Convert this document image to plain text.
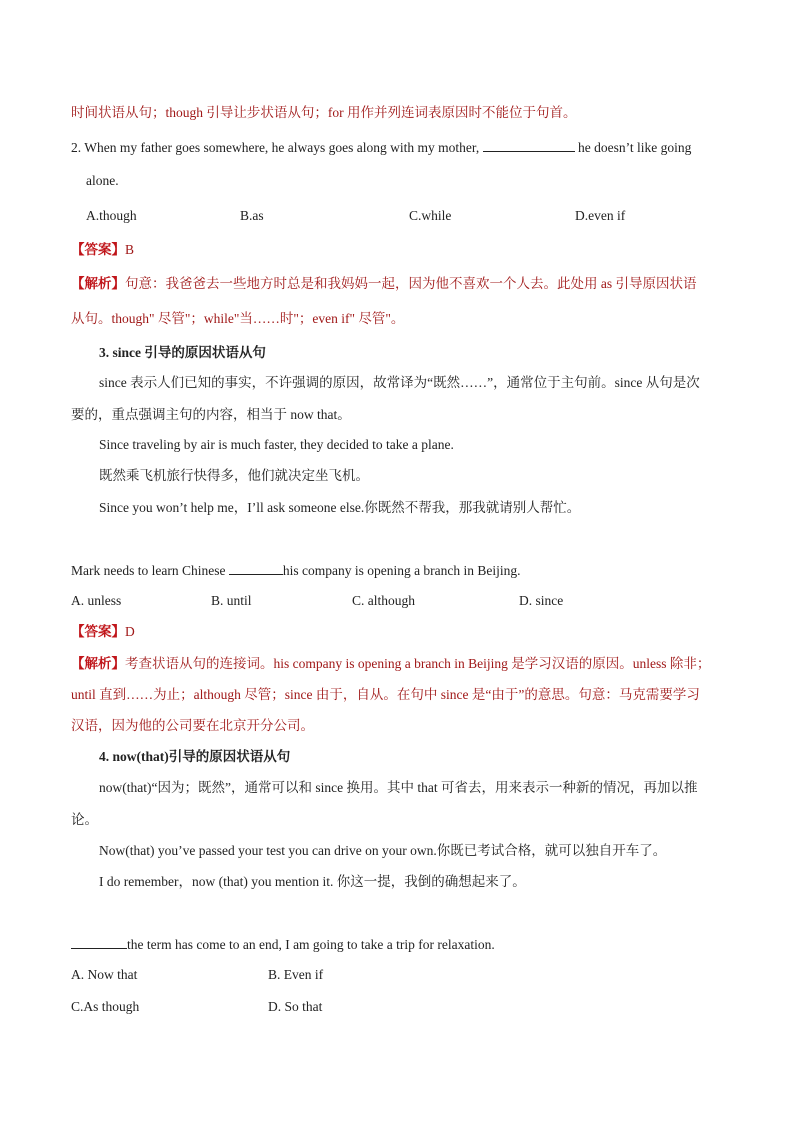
时间状语从句；though 引导让步状语从句；for 用作并列连词表原因时不能位于句首。
2. When my father goes somewhere, he always goes along with my mother,	he doesn’t like going
alone.
A.though	B.as	C.while	D.even if
【答案】B
【解析】句意：我爸爸去一些地方时总是和我妈妈一起，因为他不喜欢一个人去。此处用 as 引导原因状语
从句。though" 尽管"；while"当……时"；even if" 尽管"。
3. since 引导的原因状语从句
since 表示人们已知的事实，不许强调的原因，故常译为“既然……”，通常位于主句前。since 从句是次
要的，重点强调主句的内容，相当于 now that。
Since traveling by air is much faster, they decided to take a plane.
既然乘飞机旅行快得多，他们就决定坐飞机。
Since you won’t help me，I’ll ask someone else.你既然不帮我，那我就请别人帮忙。
Mark needs to learn Chinese	his company is opening a branch in Beijing.
A. unless	B. until	C. although	D. since
【答案】D
【解析】考查状语从句的连接词。his company is opening a branch in Beijing 是学习汉语的原因。unless 除非；
until 直到……为止；although 尽管；since 由于，自从。在句中 since 是“由于”的意思。句意：马克需要学习
汉语，因为他的公司要在北京开分公司。
4. now(that)引导的原因状语从句
now(that)“因为；既然”，通常可以和 since 换用。其中 that 可省去，用来表示一种新的情况，再加以推
论。
Now(that) you’ve passed your test you can drive on your own.你既已考试合格，就可以独自开车了。
I do remember，now (that) you mention it. 你这一提，我倒的确想起来了。
the term has come to an end, I am going to take a trip for relaxation.
A. Now that	B. Even if
C.As though	D. So that
